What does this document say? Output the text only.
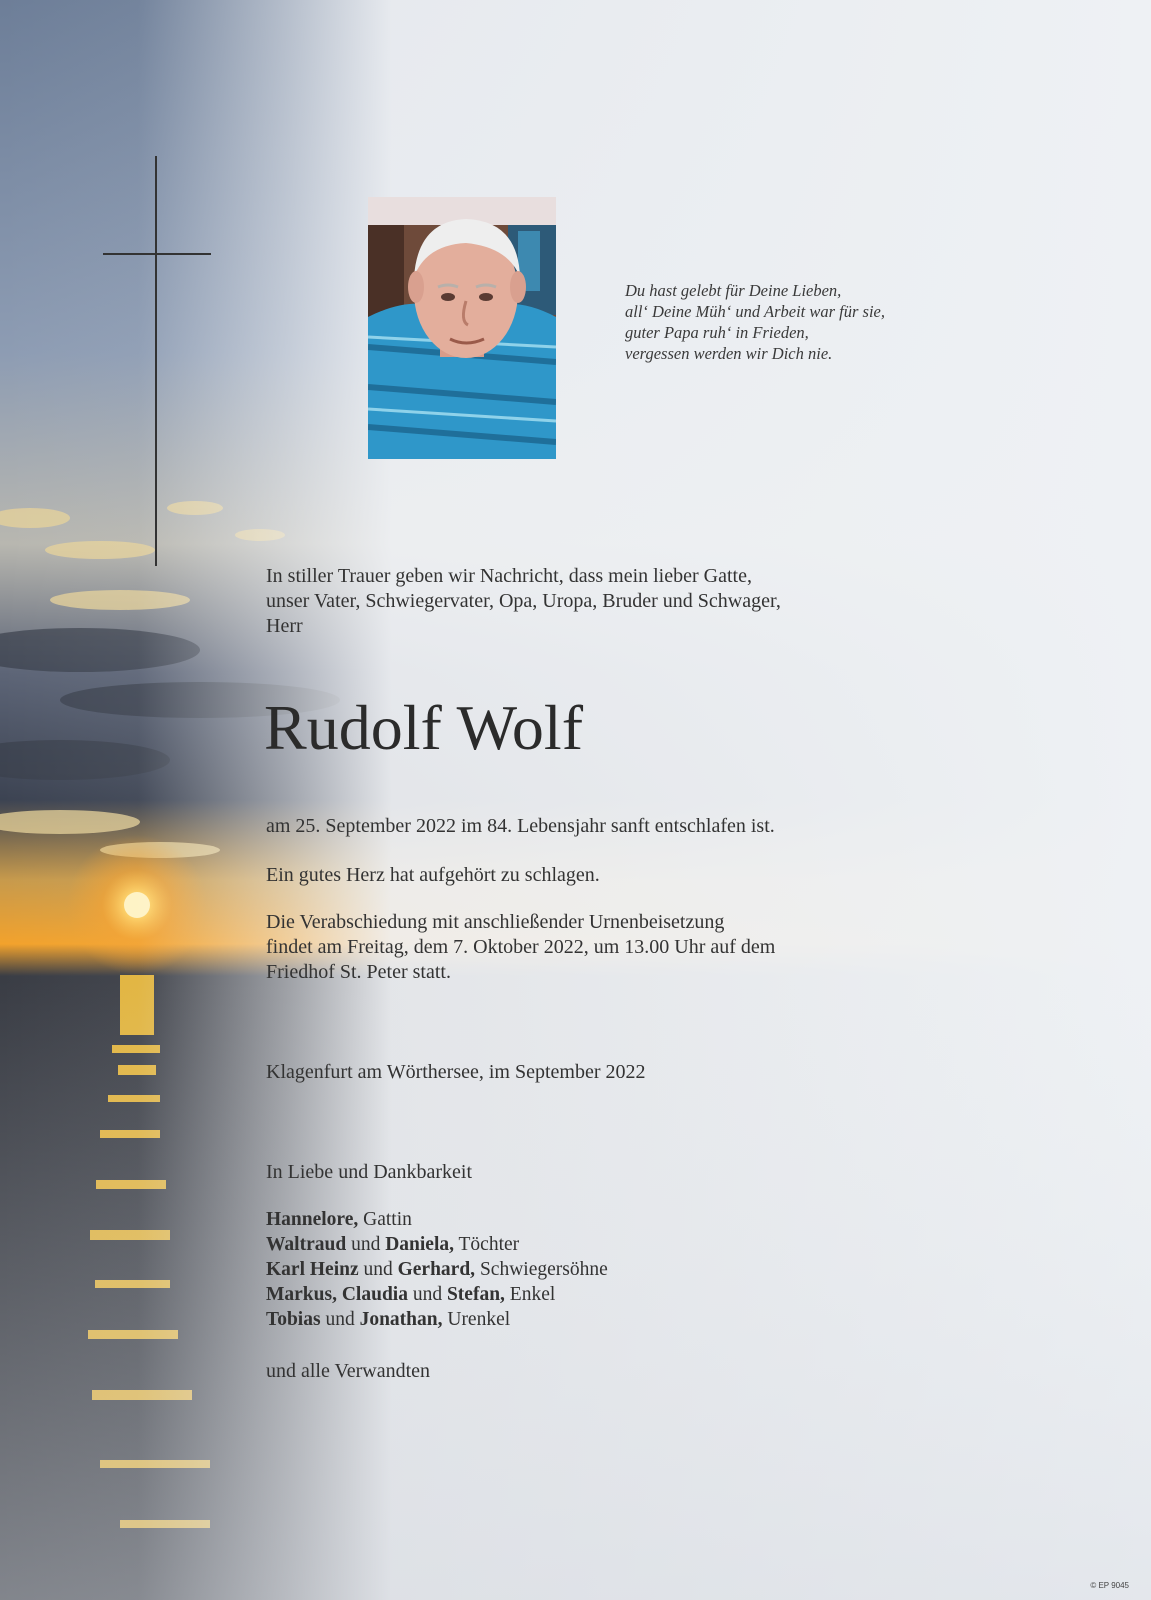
Du hast gelebt für Deine Lieben,
all‘ Deine Müh‘ und Arbeit war für sie,
guter Papa ruh‘ in Frieden,
vergessen werden wir Dich nie.
In stiller Trauer geben wir Nachricht, dass mein lieber Gatte,
unser Vater, Schwiegervater, Opa, Uropa, Bruder und Schwager,
Herr
Rudolf Wolf
am 25. September 2022 im 84. Lebensjahr sanft entschlafen ist.
Ein gutes Herz hat aufgehört zu schlagen.
Die Verabschiedung mit anschließender Urnenbeisetzung
findet am Freitag, dem 7. Oktober 2022, um 13.00 Uhr auf dem
Friedhof St. Peter statt.
Klagenfurt am Wörthersee, im September 2022
In Liebe und Dankbarkeit
Hannelore, Gattin
Waltraud und Daniela, Töchter
Karl Heinz und Gerhard, Schwiegersöhne
Markus, Claudia und Stefan, Enkel
Tobias und Jonathan, Urenkel
und alle Verwandten
© EP 9045
